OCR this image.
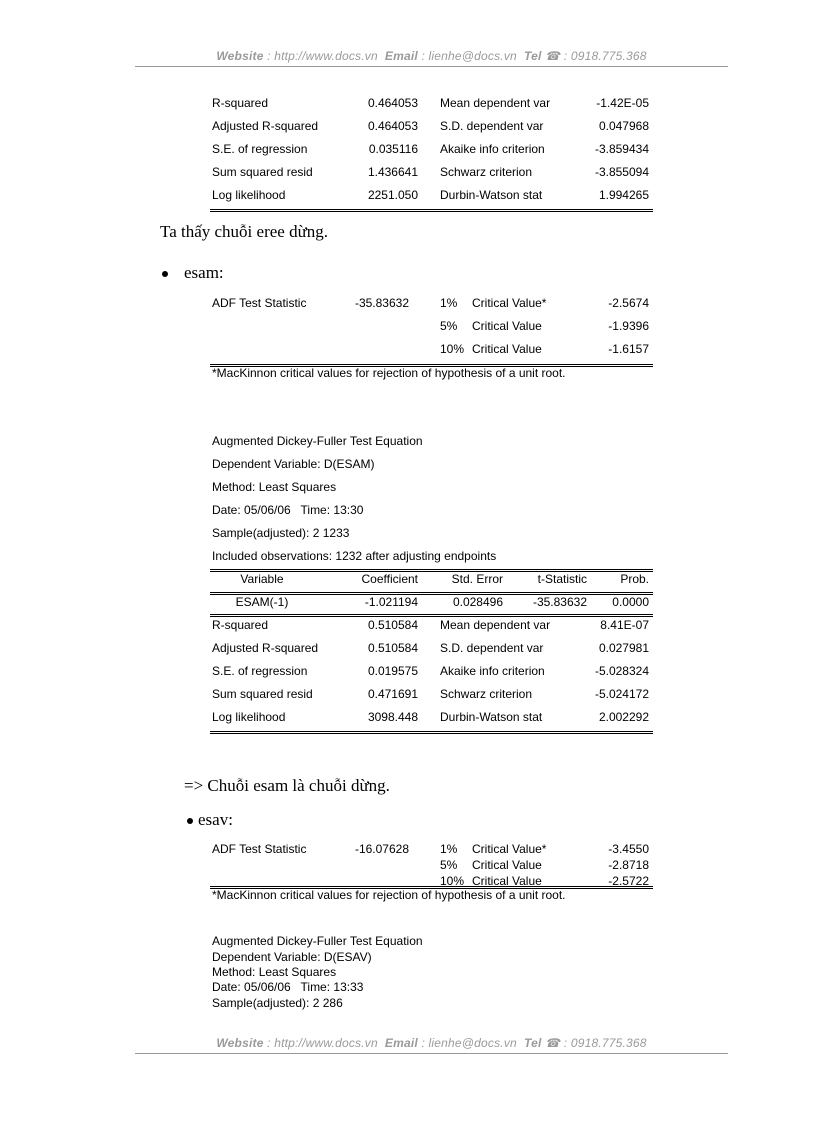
Website : http://www.docs.vn Email : lienhe@docs.vn Tel ☎ : 0918.775.368
R-squared	0.464053 Mean dependent var	-1.42E-05
Adjusted R-squared	0.464053 S.D. dependent var	0.047968
S.E. of regression	0.035116 Akaike info criterion	-3.859434
Sum squared resid	1.436641 Schwarz criterion	-3.855094
Log likelihood	2251.050 Durbin-Watson stat	1.994265
Ta thấy chuỗi eree dừng.
esam:
ADF Test Statistic	-35.83632	1% Critical Value*	-2.5674
5% Critical Value	-1.9396
10% Critical Value	-1.6157
*MacKinnon critical values for rejection of hypothesis of a unit root.
Augmented Dickey-Fuller Test Equation
Dependent Variable: D(ESAM)
Method: Least Squares
Date: 05/06/06   Time: 13:30
Sample(adjusted): 2 1233
Included observations: 1232 after adjusting endpoints
Variable	Coefficient	Std. Error	t-Statistic	Prob.
ESAM(-1)	-1.021194	0.028496	-35.83632	0.0000
R-squared	0.510584 Mean dependent var	8.41E-07
Adjusted R-squared	0.510584 S.D. dependent var	0.027981
S.E. of regression	0.019575 Akaike info criterion	-5.028324
Sum squared resid	0.471691 Schwarz criterion	-5.024172
Log likelihood	3098.448 Durbin-Watson stat	2.002292
=> Chuỗi esam là chuỗi dừng.
esav:
ADF Test Statistic	-16.07628	1% Critical Value*	-3.4550
5% Critical Value	-2.8718
10% Critical Value	-2.5722
*MacKinnon critical values for rejection of hypothesis of a unit root.
Augmented Dickey-Fuller Test Equation
Dependent Variable: D(ESAV)
Method: Least Squares
Date: 05/06/06   Time: 13:33
Sample(adjusted): 2 286
Website : http://www.docs.vn Email : lienhe@docs.vn Tel ☎ : 0918.775.368
